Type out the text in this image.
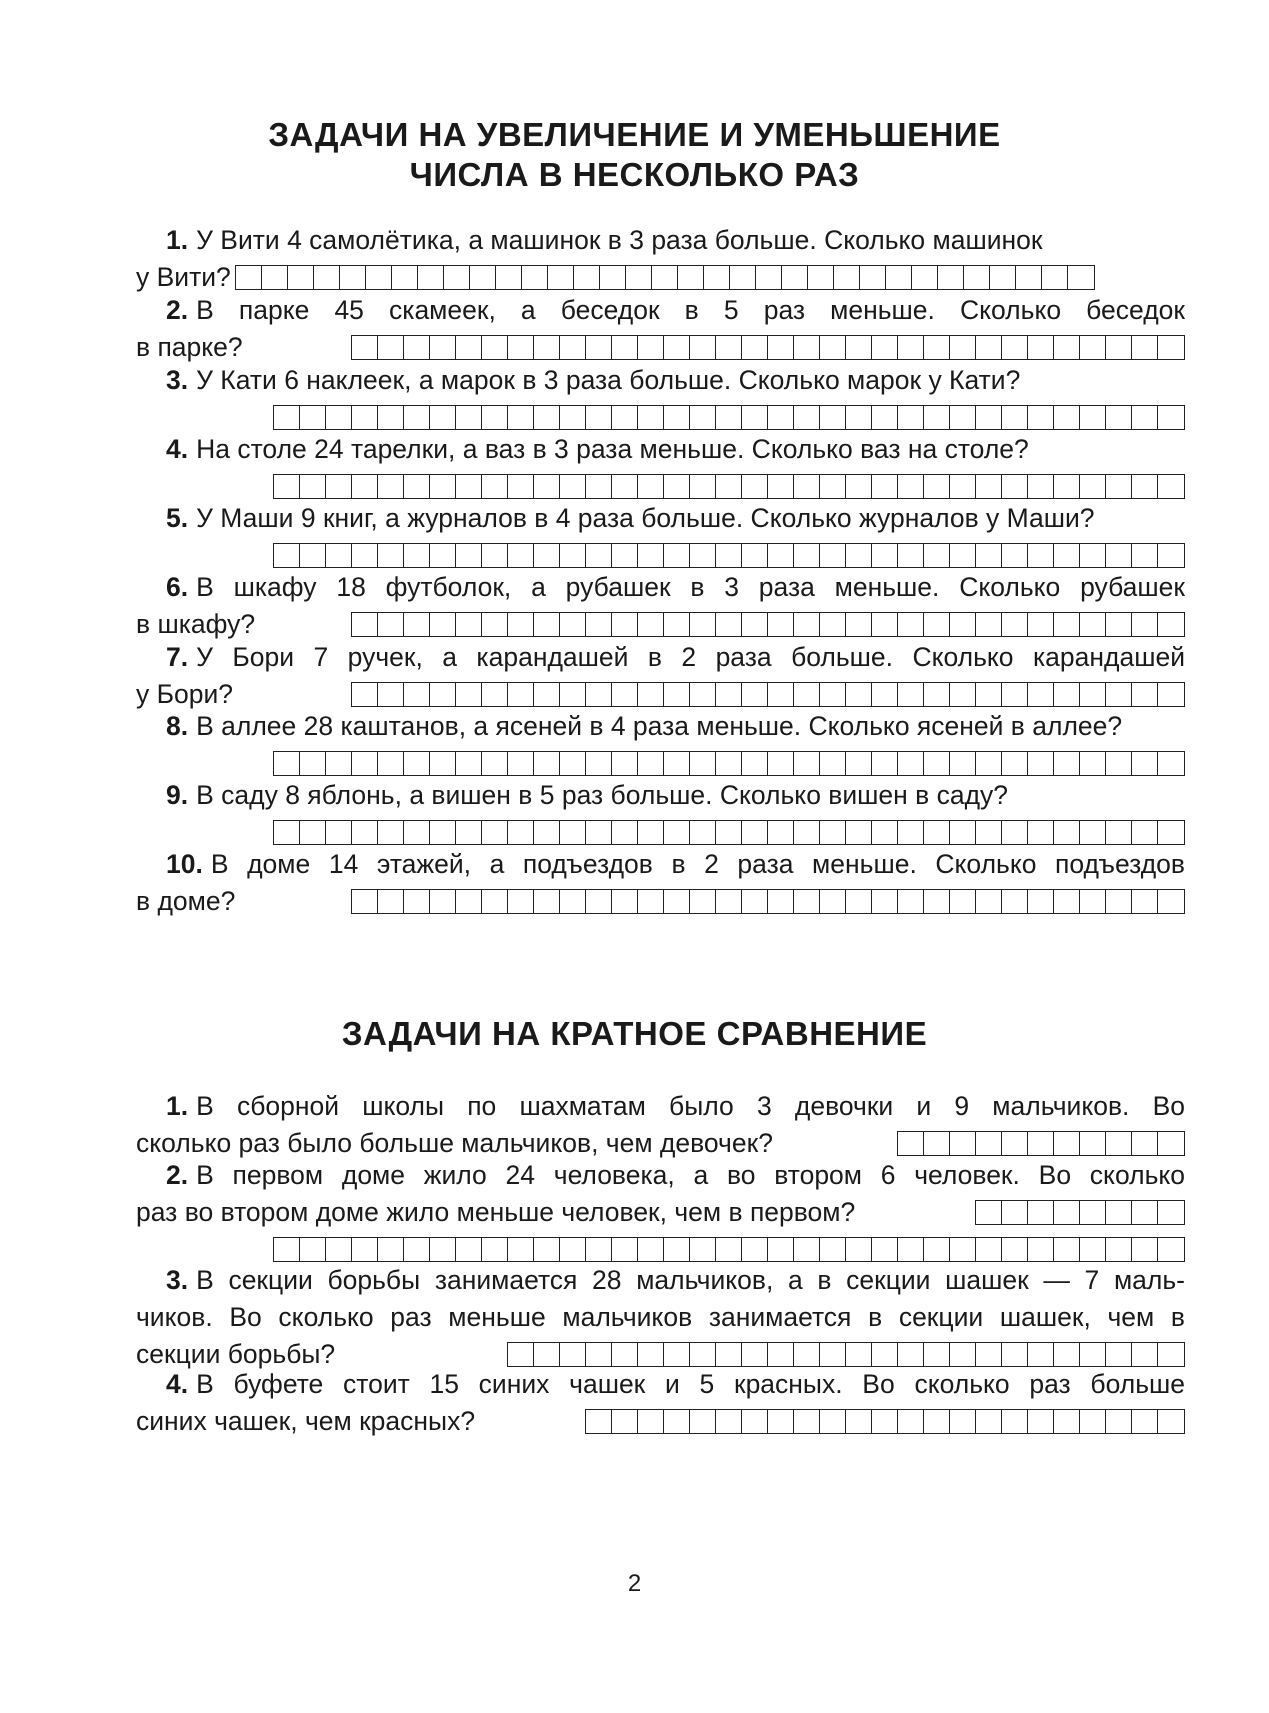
ЗАДАЧИ НА УВЕЛИЧЕНИЕ И УМЕНЬШЕНИЕ
ЧИСЛА В НЕСКОЛЬКО РАЗ
1. У Вити 4 самолётика, а машинок в 3 раза больше. Сколько машинок
у Вити?
2. В парке 45 скамеек, а беседок в 5 раз меньше. Сколько беседок
в парке?
3. У Кати 6 наклеек, а марок в 3 раза больше. Сколько марок у Кати?
4. На столе 24 тарелки, а ваз в 3 раза меньше. Сколько ваз на столе?
5. У Маши 9 книг, а журналов в 4 раза больше. Сколько журналов у Маши?
6. В шкафу 18 футболок, а рубашек в 3 раза меньше. Сколько рубашек
в шкафу?
7. У Бори 7 ручек, а карандашей в 2 раза больше. Сколько карандашей
у Бори?
8. В аллее 28 каштанов, а ясеней в 4 раза меньше. Сколько ясеней в аллее?
9. В саду 8 яблонь, а вишен в 5 раз больше. Сколько вишен в саду?
10. В доме 14 этажей, а подъездов в 2 раза меньше. Сколько подъездов
в доме?
ЗАДАЧИ НА КРАТНОЕ СРАВНЕНИЕ
1. В сборной школы по шахматам было 3 девочки и 9 мальчиков. Во
сколько раз было больше мальчиков, чем девочек?
2. В первом доме жило 24 человека, а во втором 6 человек. Во сколько
раз во втором доме жило меньше человек, чем в первом?
3. В секции борьбы занимается 28 мальчиков, а в секции шашек — 7 маль-
чиков. Во сколько раз меньше мальчиков занимается в секции шашек, чем в
секции борьбы?
4. В буфете стоит 15 синих чашек и 5 красных. Во сколько раз больше
синих чашек, чем красных?
2
